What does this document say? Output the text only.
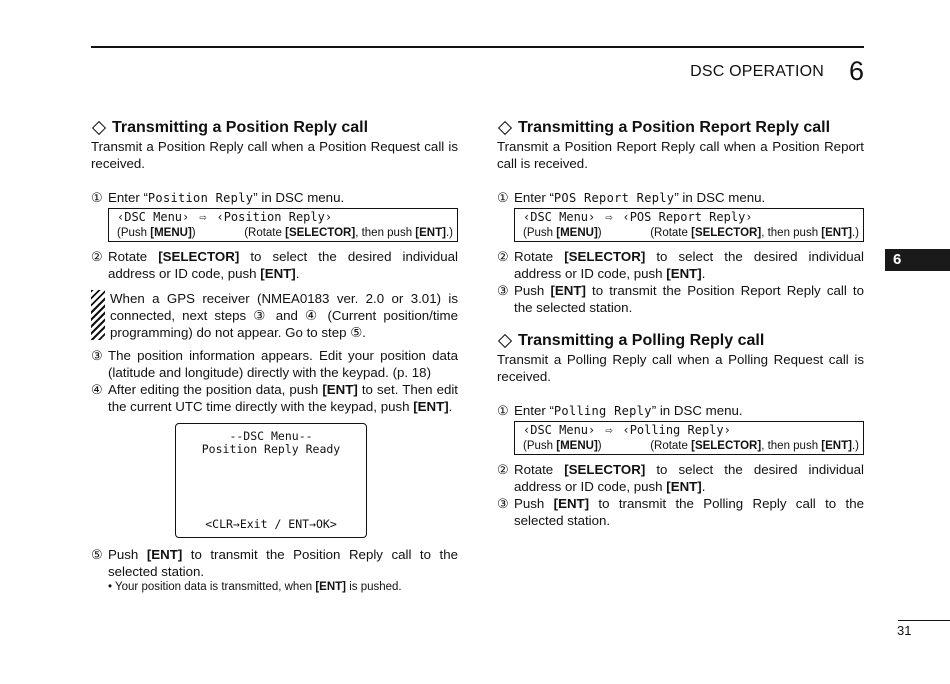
DSC OPERATION 6
6
31
Transmitting a Position Reply call

Transmit a Position Reply call when a Position Request call is received.

① Enter “Position Reply” in DSC menu.
‹DSC Menu› ⇨ ‹Position Reply›
(Push [MENU])	(Rotate [SELECTOR], then push [ENT].)
② Rotate [SELECTOR] to select the desired individual address or ID code, push [ENT].
When a GPS receiver (NMEA0183 ver. 2.0 or 3.01) is connected, next steps ③ and ④ (Current position/time programming) do not appear. Go to step ⑤.
③ The position information appears. Edit your position data (latitude and longitude) directly with the keypad. (p. 18)
④ After editing the position data, push [ENT] to set. Then edit the current UTC time directly with the keypad, push [ENT].
--DSC Menu--
Position Reply Ready
<CLR→Exit / ENT→OK>
⑤ Push [ENT] to transmit the Position Reply call to the selected station.
• Your position data is transmitted, when [ENT] is pushed.
Transmitting a Position Report Reply call

Transmit a Position Report Reply call when a Position Report call is received.

① Enter “POS Report Reply” in DSC menu.
‹DSC Menu› ⇨ ‹POS Report Reply›
(Push [MENU])	(Rotate [SELECTOR], then push [ENT].)
② Rotate [SELECTOR] to select the desired individual address or ID code, push [ENT].
③ Push [ENT] to transmit the Position Report Reply call to the selected station.
Transmitting a Polling Reply call

Transmit a Polling Reply call when a Polling Request call is received.

① Enter “Polling Reply” in DSC menu.
‹DSC Menu› ⇨ ‹Polling Reply›
(Push [MENU])	(Rotate [SELECTOR], then push [ENT].)
② Rotate [SELECTOR] to select the desired individual address or ID code, push [ENT].
③ Push [ENT] to transmit the Polling Reply call to the selected station.
